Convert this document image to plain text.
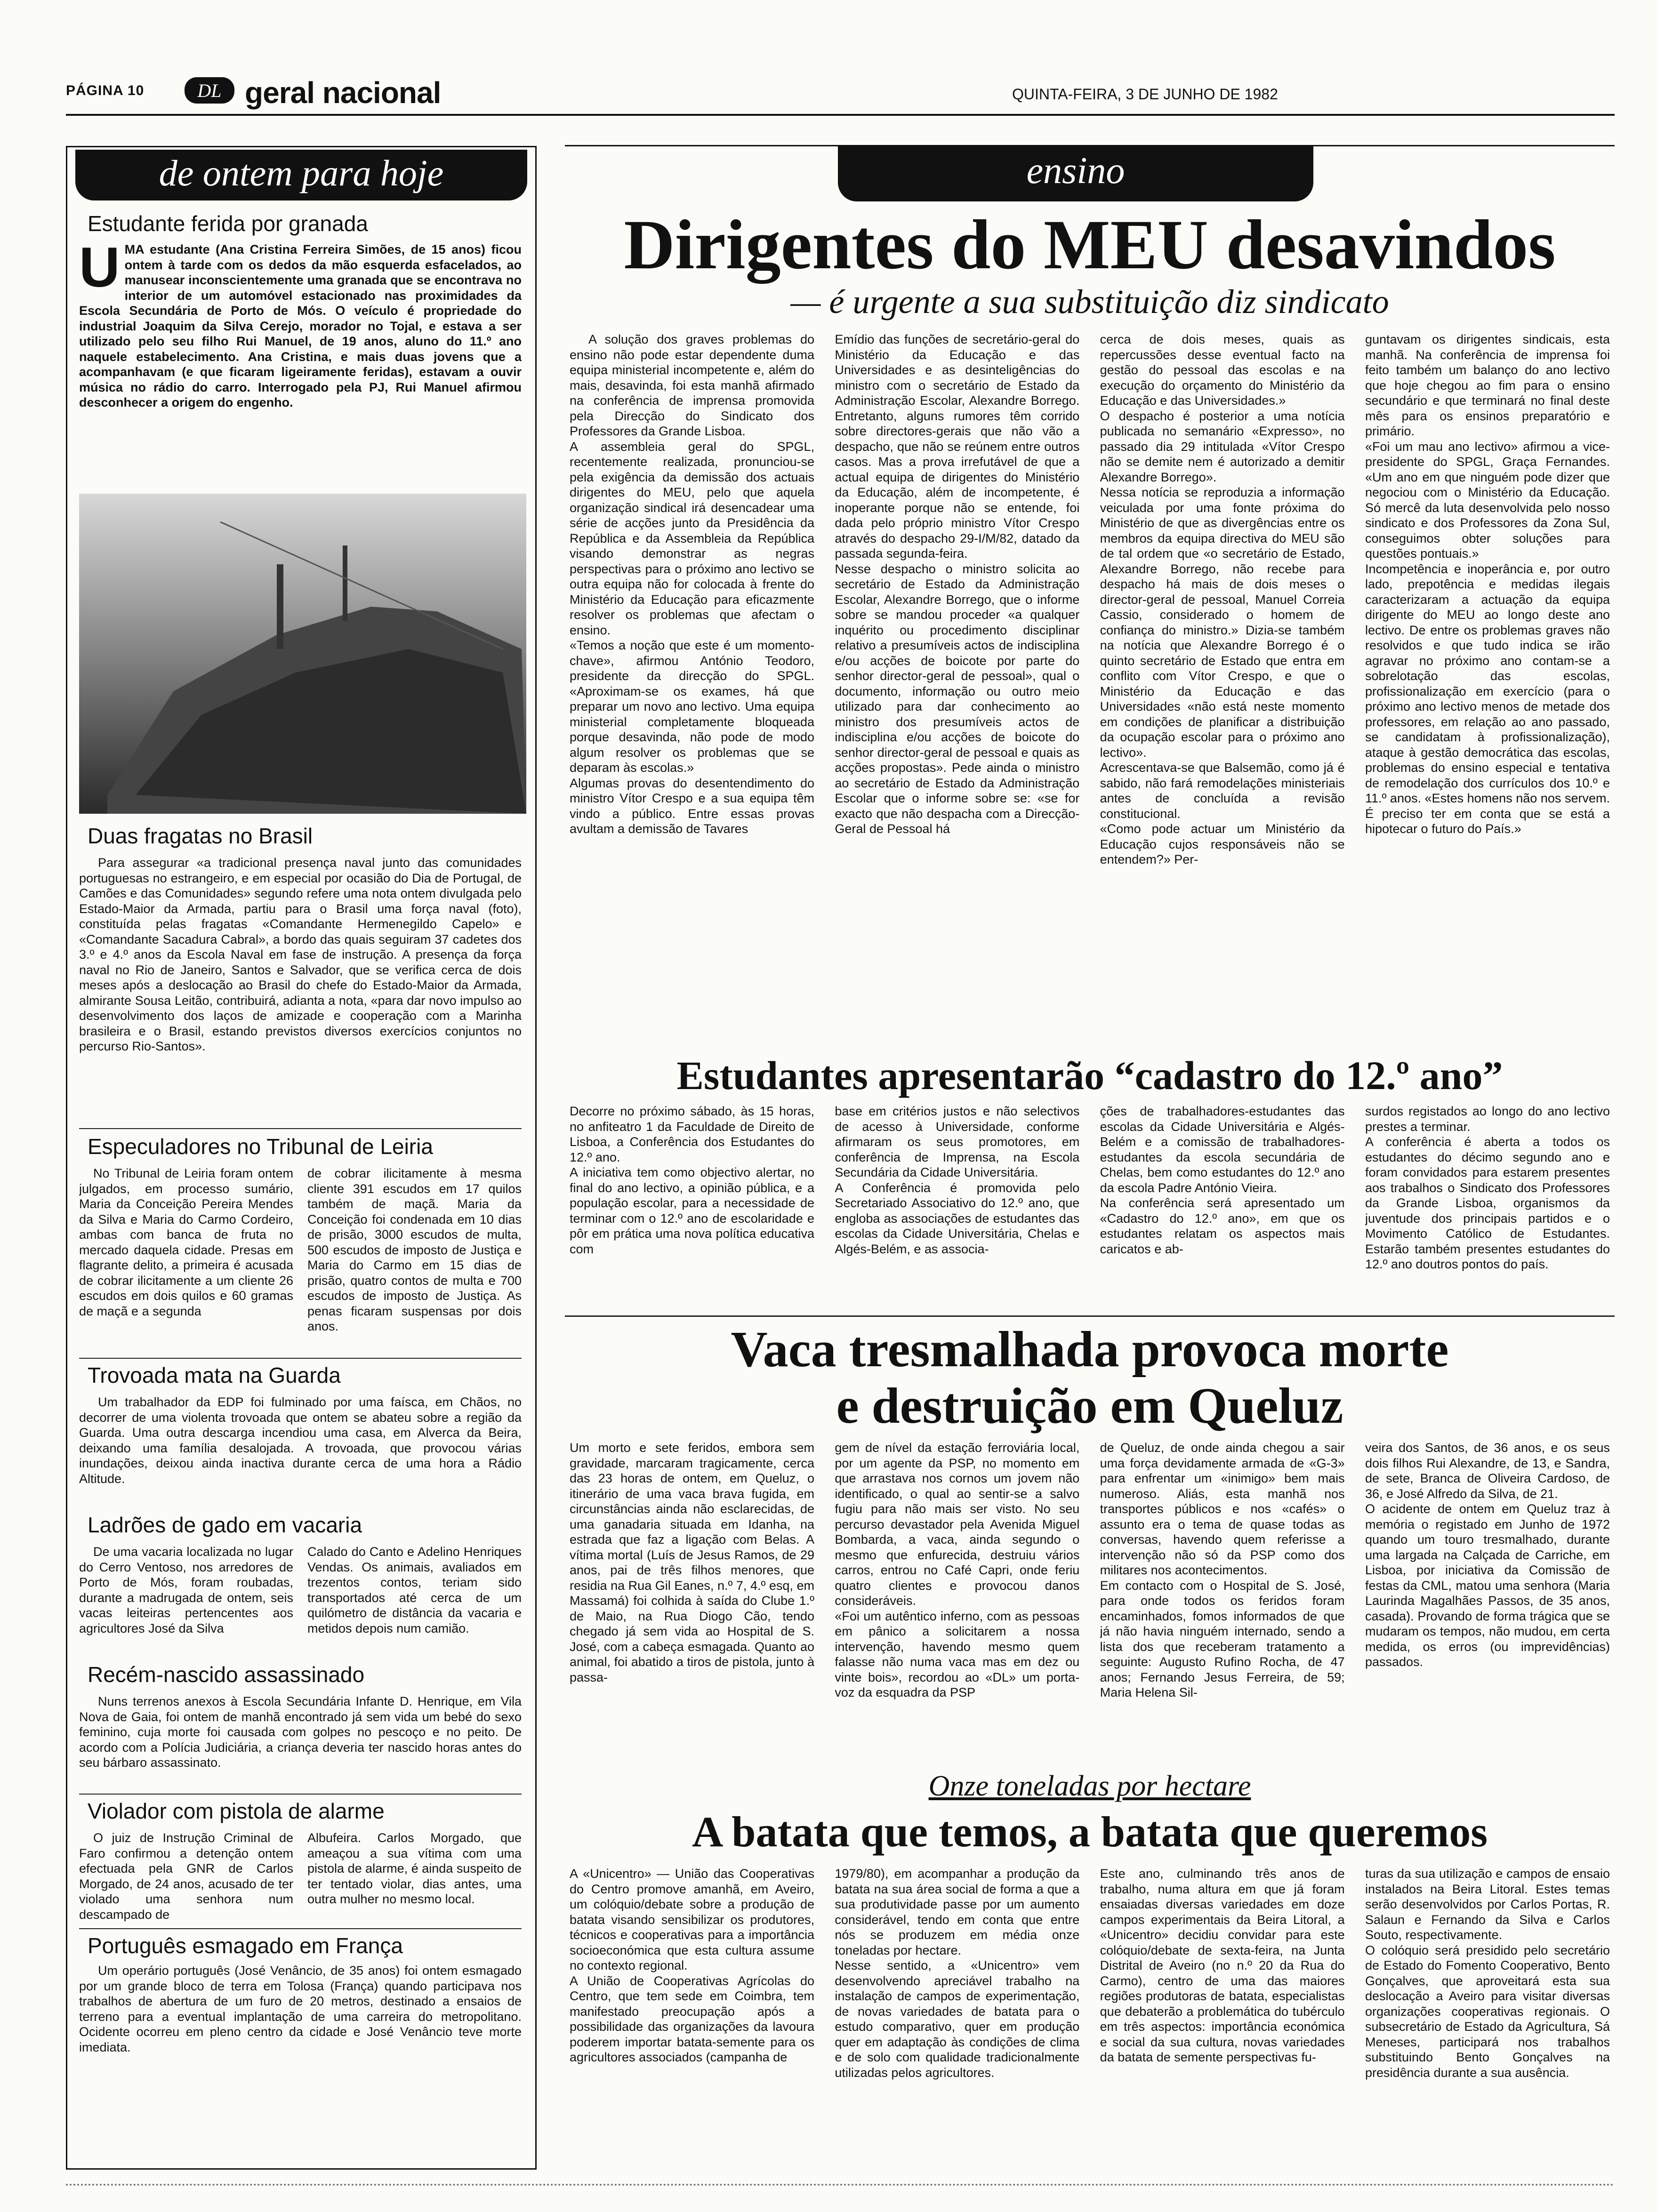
PÁGINA 10	DL geral nacional	QUINTA-FEIRA, 3 DE JUNHO DE 1982
de ontem para hoje
Estudante ferida por granada
U MA estudante (Ana Cristina Ferreira Simões, de 15 anos) ficou ontem à tarde com os dedos da mão esquerda esfacelados, ao manusear inconscientemente uma granada que se encontrava no interior de um automóvel estacionado nas proximidades da Escola Secundária de Porto de Mós. O veículo é propriedade do industrial Joaquim da Silva Cerejo, morador no Tojal, e estava a ser utilizado pelo seu filho Rui Manuel, de 19 anos, aluno do 11.º ano naquele estabelecimento. Ana Cristina, e mais duas jovens que a acompanhavam (e que ficaram ligeiramente feridas), estavam a ouvir música no rádio do carro. Interrogado pela PJ, Rui Manuel afirmou desconhecer a origem do engenho.
Duas fragatas no Brasil
Para assegurar «a tradicional presença naval junto das comunidades portuguesas no estrangeiro, e em especial por ocasião do Dia de Portugal, de Camões e das Comunidades» segundo refere uma nota ontem divulgada pelo Estado-Maior da Armada, partiu para o Brasil uma força naval (foto), constituída pelas fragatas «Comandante Hermenegildo Capelo» e «Comandante Sacadura Cabral», a bordo das quais seguiram 37 cadetes dos 3.º e 4.º anos da Escola Naval em fase de instrução. A presença da força naval no Rio de Janeiro, Santos e Salvador, que se verifica cerca de dois meses após a deslocação ao Brasil do chefe do Estado-Maior da Armada, almirante Sousa Leitão, contribuirá, adianta a nota, «para dar novo impulso ao desenvolvimento dos laços de amizade e cooperação com a Marinha brasileira e o Brasil, estando previstos diversos exercícios conjuntos no percurso Rio-Santos».
Especuladores no Tribunal de Leiria
No Tribunal de Leiria foram ontem julgados, em processo sumário, Maria da Conceição Pereira Mendes da Silva e Maria do Carmo Cordeiro, ambas com banca de fruta no mercado daquela cidade. Presas em flagrante delito, a primeira é acusada de cobrar ilicitamente a um cliente 26 escudos em dois quilos e 60 gramas de maçã e a segunda
de cobrar ilicitamente à mesma cliente 391 escudos em 17 quilos também de maçã. Maria da Conceição foi condenada em 10 dias de prisão, 3000 escudos de multa, 500 escudos de imposto de Justiça e Maria do Carmo em 15 dias de prisão, quatro contos de multa e 700 escudos de imposto de Justiça. As penas ficaram suspensas por dois anos.
Trovoada mata na Guarda
Um trabalhador da EDP foi fulminado por uma faísca, em Chãos, no decorrer de uma violenta trovoada que ontem se abateu sobre a região da Guarda. Uma outra descarga incendiou uma casa, em Alverca da Beira, deixando uma família desalojada. A trovoada, que provocou várias inundações, deixou ainda inactiva durante cerca de uma hora a Rádio Altitude.
Ladrões de gado em vacaria
De uma vacaria localizada no lugar do Cerro Ventoso, nos arredores de Porto de Mós, foram roubadas, durante a madrugada de ontem, seis vacas leiteiras pertencentes aos agricultores José da Silva
Calado do Canto e Adelino Henriques Vendas. Os animais, avaliados em trezentos contos, teriam sido transportados até cerca de um quilómetro de distância da vacaria e metidos depois num camião.
Recém-nascido assassinado
Nuns terrenos anexos à Escola Secundária Infante D. Henrique, em Vila Nova de Gaia, foi ontem de manhã encontrado já sem vida um bebé do sexo feminino, cuja morte foi causada com golpes no pescoço e no peito. De acordo com a Polícia Judiciária, a criança deveria ter nascido horas antes do seu bárbaro assassinato.
Violador com pistola de alarme
O juiz de Instrução Criminal de Faro confirmou a detenção ontem efectuada pela GNR de Carlos Morgado, de 24 anos, acusado de ter violado uma senhora num descampado de
Albufeira. Carlos Morgado, que ameaçou a sua vítima com uma pistola de alarme, é ainda suspeito de ter tentado violar, dias antes, uma outra mulher no mesmo local.
Português esmagado em França
Um operário português (José Venâncio, de 35 anos) foi ontem esmagado por um grande bloco de terra em Tolosa (França) quando participava nos trabalhos de abertura de um furo de 20 metros, destinado a ensaios de terreno para a eventual implantação de uma carreira do metropolitano. Ocidente ocorreu em pleno centro da cidade e José Venâncio teve morte imediata.
ensino
Dirigentes do MEU desavindos
— é urgente a sua substituição diz sindicato
A solução dos graves problemas do ensino não pode estar dependente duma equipa ministerial incompetente e, além do mais, desavinda, foi esta manhã afirmado na conferência de imprensa promovida pela Direcção do Sindicato dos Professores da Grande Lisboa.
A assembleia geral do SPGL, recentemente realizada, pronunciou-se pela exigência da demissão dos actuais dirigentes do MEU, pelo que aquela organização sindical irá desencadear uma série de acções junto da Presidência da República e da Assembleia da República visando demonstrar as negras perspectivas para o próximo ano lectivo se outra equipa não for colocada à frente do Ministério da Educação para eficazmente resolver os problemas que afectam o ensino.
«Temos a noção que este é um momento-chave», afirmou António Teodoro, presidente da direcção do SPGL. «Aproximam-se os exames, há que preparar um novo ano lectivo. Uma equipa ministerial completamente bloqueada porque desavinda, não pode de modo algum resolver os problemas que se deparam às escolas.»
Algumas provas do desentendimento do ministro Vítor Crespo e a sua equipa têm vindo a público. Entre essas provas avultam a demissão de Tavares
Emídio das funções de secretário-geral do Ministério da Educação e das Universidades e as desinteligências do ministro com o secretário de Estado da Administração Escolar, Alexandre Borrego. Entretanto, alguns rumores têm corrido sobre directores-gerais que não vão a despacho, que não se reúnem entre outros casos. Mas a prova irrefutável de que a actual equipa de dirigentes do Ministério da Educação, além de incompetente, é inoperante porque não se entende, foi dada pelo próprio ministro Vítor Crespo através do despacho 29-I/M/82, datado da passada segunda-feira.
Nesse despacho o ministro solicita ao secretário de Estado da Administração Escolar, Alexandre Borrego, que o informe sobre se mandou proceder «a qualquer inquérito ou procedimento disciplinar relativo a presumíveis actos de indisciplina e/ou acções de boicote por parte do senhor director-geral de pessoal», qual o documento, informação ou outro meio utilizado para dar conhecimento ao ministro dos presumíveis actos de indisciplina e/ou acções de boicote do senhor director-geral de pessoal e quais as acções propostas». Pede ainda o ministro ao secretário de Estado da Administração Escolar que o informe sobre se: «se for exacto que não despacha com a Direcção-Geral de Pessoal há
cerca de dois meses, quais as repercussões desse eventual facto na gestão do pessoal das escolas e na execução do orçamento do Ministério da Educação e das Universidades.»
O despacho é posterior a uma notícia publicada no semanário «Expresso», no passado dia 29 intitulada «Vítor Crespo não se demite nem é autorizado a demitir Alexandre Borrego».
Nessa notícia se reproduzia a informação veiculada por uma fonte próxima do Ministério de que as divergências entre os membros da equipa directiva do MEU são de tal ordem que «o secretário de Estado, Alexandre Borrego, não recebe para despacho há mais de dois meses o director-geral de pessoal, Manuel Correia Cassio, considerado o homem de confiança do ministro.» Dizia-se também na notícia que Alexandre Borrego é o quinto secretário de Estado que entra em conflito com Vítor Crespo, e que o Ministério da Educação e das Universidades «não está neste momento em condições de planificar a distribuição da ocupação escolar para o próximo ano lectivo».
Acrescentava-se que Balsemão, como já é sabido, não fará remodelações ministeriais antes de concluída a revisão constitucional.
«Como pode actuar um Ministério da Educação cujos responsáveis não se entendem?» Per-
guntavam os dirigentes sindicais, esta manhã. Na conferência de imprensa foi feito também um balanço do ano lectivo que hoje chegou ao fim para o ensino secundário e que terminará no final deste mês para os ensinos preparatório e primário.
«Foi um mau ano lectivo» afirmou a vice-presidente do SPGL, Graça Fernandes. «Um ano em que ninguém pode dizer que negociou com o Ministério da Educação. Só mercê da luta desenvolvida pelo nosso sindicato e dos Professores da Zona Sul, conseguimos obter soluções para questões pontuais.»
Incompetência e inoperância e, por outro lado, prepotência e medidas ilegais caracterizaram a actuação da equipa dirigente do MEU ao longo deste ano lectivo. De entre os problemas graves não resolvidos e que tudo indica se irão agravar no próximo ano contam-se a sobrelotação das escolas, profissionalização em exercício (para o próximo ano lectivo menos de metade dos professores, em relação ao ano passado, se candidatam à profissionalização), ataque à gestão democrática das escolas, problemas do ensino especial e tentativa de remodelação dos currículos dos 10.º e 11.º anos. «Estes homens não nos servem. É preciso ter em conta que se está a hipotecar o futuro do País.»
Estudantes apresentarão “cadastro do 12.º ano”
Decorre no próximo sábado, às 15 horas, no anfiteatro 1 da Faculdade de Direito de Lisboa, a Conferência dos Estudantes do 12.º ano.
A iniciativa tem como objectivo alertar, no final do ano lectivo, a opinião pública, e a população escolar, para a necessidade de terminar com o 12.º ano de escolaridade e pôr em prática uma nova política educativa com
base em critérios justos e não selectivos de acesso à Universidade, conforme afirmaram os seus promotores, em conferência de Imprensa, na Escola Secundária da Cidade Universitária.
A Conferência é promovida pelo Secretariado Associativo do 12.º ano, que engloba as associações de estudantes das escolas da Cidade Universitária, Chelas e Algés-Belém, e as associa-
ções de trabalhadores-estudantes das escolas da Cidade Universitária e Algés-Belém e a comissão de trabalhadores-estudantes da escola secundária de Chelas, bem como estudantes do 12.º ano da escola Padre António Vieira.
Na conferência será apresentado um «Cadastro do 12.º ano», em que os estudantes relatam os aspectos mais caricatos e ab-
surdos registados ao longo do ano lectivo prestes a terminar.
A conferência é aberta a todos os estudantes do décimo segundo ano e foram convidados para estarem presentes aos trabalhos o Sindicato dos Professores da Grande Lisboa, organismos da juventude dos principais partidos e o Movimento Católico de Estudantes. Estarão também presentes estudantes do 12.º ano doutros pontos do país.
Vaca tresmalhada provoca morte
e destruição em Queluz
Um morto e sete feridos, embora sem gravidade, marcaram tragicamente, cerca das 23 horas de ontem, em Queluz, o itinerário de uma vaca brava fugida, em circunstâncias ainda não esclarecidas, de uma ganadaria situada em Idanha, na estrada que faz a ligação com Belas. A vítima mortal (Luís de Jesus Ramos, de 29 anos, pai de três filhos menores, que residia na Rua Gil Eanes, n.º 7, 4.º esq, em Massamá) foi colhida à saída do Clube 1.º de Maio, na Rua Diogo Cão, tendo chegado já sem vida ao Hospital de S. José, com a cabeça esmagada. Quanto ao animal, foi abatido a tiros de pistola, junto à passa-
gem de nível da estação ferroviária local, por um agente da PSP, no momento em que arrastava nos cornos um jovem não identificado, o qual ao sentir-se a salvo fugiu para não mais ser visto. No seu percurso devastador pela Avenida Miguel Bombarda, a vaca, ainda segundo o mesmo que enfurecida, destruiu vários carros, entrou no Café Capri, onde feriu quatro clientes e provocou danos consideráveis.
«Foi um autêntico inferno, com as pessoas em pânico a solicitarem a nossa intervenção, havendo mesmo quem falasse não numa vaca mas em dez ou vinte bois», recordou ao «DL» um porta-voz da esquadra da PSP
de Queluz, de onde ainda chegou a sair uma força devidamente armada de «G-3» para enfrentar um «inimigo» bem mais numeroso. Aliás, esta manhã nos transportes públicos e nos «cafés» o assunto era o tema de quase todas as conversas, havendo quem referisse a intervenção não só da PSP como dos militares nos acontecimentos.
Em contacto com o Hospital de S. José, para onde todos os feridos foram encaminhados, fomos informados de que já não havia ninguém internado, sendo a lista dos que receberam tratamento a seguinte: Augusto Rufino Rocha, de 47 anos; Fernando Jesus Ferreira, de 59; Maria Helena Sil-
veira dos Santos, de 36 anos, e os seus dois filhos Rui Alexandre, de 13, e Sandra, de sete, Branca de Oliveira Cardoso, de 36, e José Alfredo da Silva, de 21.
O acidente de ontem em Queluz traz à memória o registado em Junho de 1972 quando um touro tresmalhado, durante uma largada na Calçada de Carriche, em Lisboa, por iniciativa da Comissão de festas da CML, matou uma senhora (Maria Laurinda Magalhães Passos, de 35 anos, casada). Provando de forma trágica que se mudaram os tempos, não mudou, em certa medida, os erros (ou imprevidências) passados.
Onze toneladas por hectare
A batata que temos, a batata que queremos
A «Unicentro» — União das Cooperativas do Centro promove amanhã, em Aveiro, um colóquio/debate sobre a produção de batata visando sensibilizar os produtores, técnicos e cooperativas para a importância socioeconómica que esta cultura assume no contexto regional.
A União de Cooperativas Agrícolas do Centro, que tem sede em Coimbra, tem manifestado preocupação após a possibilidade das organizações da lavoura poderem importar batata-semente para os agricultores associados (campanha de
1979/80), em acompanhar a produção da batata na sua área social de forma a que a sua produtividade passe por um aumento considerável, tendo em conta que entre nós se produzem em média onze toneladas por hectare.
Nesse sentido, a «Unicentro» vem desenvolvendo apreciável trabalho na instalação de campos de experimentação, de novas variedades de batata para o estudo comparativo, quer em produção quer em adaptação às condições de clima e de solo com qualidade tradicionalmente utilizadas pelos agricultores.
Este ano, culminando três anos de trabalho, numa altura em que já foram ensaiadas diversas variedades em doze campos experimentais da Beira Litoral, a «Unicentro» decidiu convidar para este colóquio/debate de sexta-feira, na Junta Distrital de Aveiro (no n.º 20 da Rua do Carmo), centro de uma das maiores regiões produtoras de batata, especialistas que debaterão a problemática do tubérculo em três aspectos: importância económica e social da sua cultura, novas variedades da batata de semente perspectivas fu-
turas da sua utilização e campos de ensaio instalados na Beira Litoral. Estes temas serão desenvolvidos por Carlos Portas, R. Salaun e Fernando da Silva e Carlos Souto, respectivamente.
O colóquio será presidido pelo secretário de Estado do Fomento Cooperativo, Bento Gonçalves, que aproveitará esta sua deslocação a Aveiro para visitar diversas organizações cooperativas regionais. O subsecretário de Estado da Agricultura, Sá Meneses, participará nos trabalhos substituindo Bento Gonçalves na presidência durante a sua ausência.
